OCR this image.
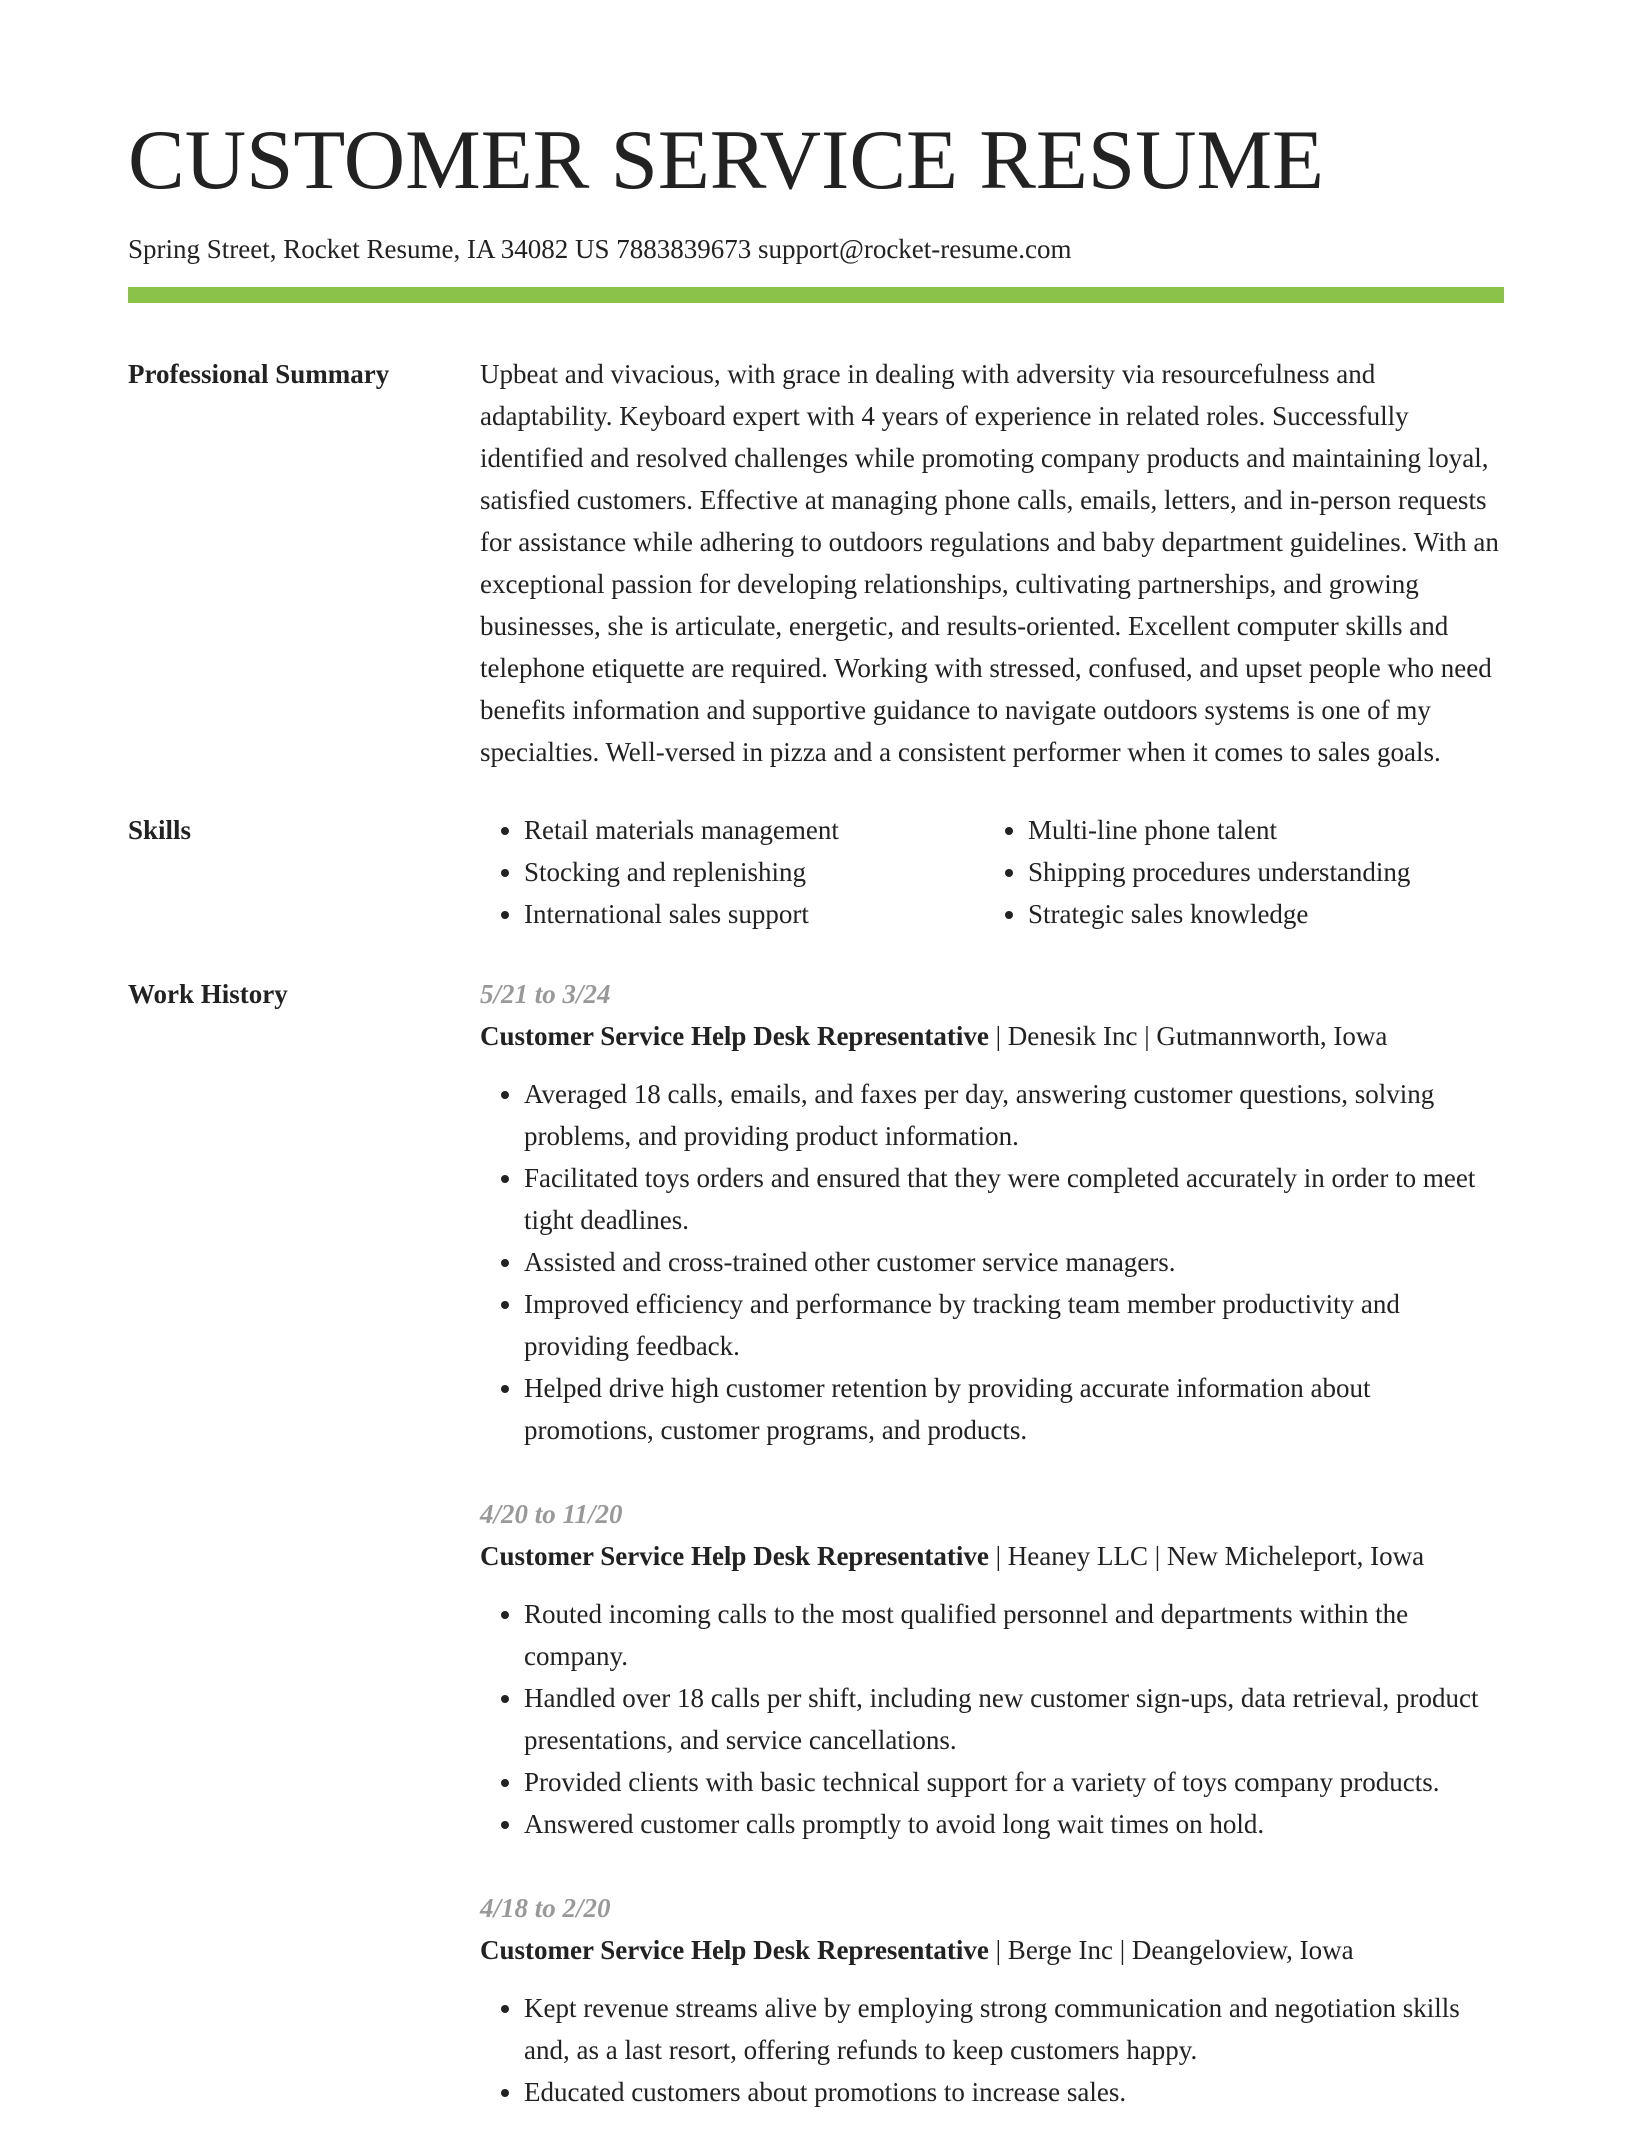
CUSTOMER SERVICE RESUME
Spring Street, Rocket Resume, IA 34082 US 7883839673 support@rocket-resume.com
Professional Summary	Upbeat and vivacious, with grace in dealing with adversity via resourcefulness and adaptability. Keyboard expert with 4 years of experience in related roles. Successfully identified and resolved challenges while promoting company products and maintaining loyal, satisfied customers. Effective at managing phone calls, emails, letters, and in-person requests for assistance while adhering to outdoors regulations and baby department guidelines. With an exceptional passion for developing relationships, cultivating partnerships, and growing businesses, she is articulate, energetic, and results-oriented. Excellent computer skills and telephone etiquette are required. Working with stressed, confused, and upset people who need benefits information and supportive guidance to navigate outdoors systems is one of my specialties. Well-versed in pizza and a consistent performer when it comes to sales goals.

Skills
•	Retail materials management
• Stocking and replenishing
• International sales support
• Multi-line phone talent
• Shipping procedures understanding
• Strategic sales knowledge
Work History	5/21 to 3/24
Customer Service Help Desk Representative | Denesik Inc | Gutmannworth, Iowa
• Averaged 18 calls, emails, and faxes per day, answering customer questions, solving problems, and providing product information.
• Facilitated toys orders and ensured that they were completed accurately in order to meet tight deadlines.
• Assisted and cross-trained other customer service managers.
• Improved efficiency and performance by tracking team member productivity and providing feedback.
• Helped drive high customer retention by providing accurate information about promotions, customer programs, and products.
4/20 to 11/20
Customer Service Help Desk Representative | Heaney LLC | New Micheleport, Iowa
• Routed incoming calls to the most qualified personnel and departments within the company.
• Handled over 18 calls per shift, including new customer sign-ups, data retrieval, product presentations, and service cancellations.
• Provided clients with basic technical support for a variety of toys company products.
• Answered customer calls promptly to avoid long wait times on hold.
4/18 to 2/20
Customer Service Help Desk Representative | Berge Inc | Deangeloview, Iowa
• Kept revenue streams alive by employing strong communication and negotiation skills and, as a last resort, offering refunds to keep customers happy.
• Educated customers about promotions to increase sales.
